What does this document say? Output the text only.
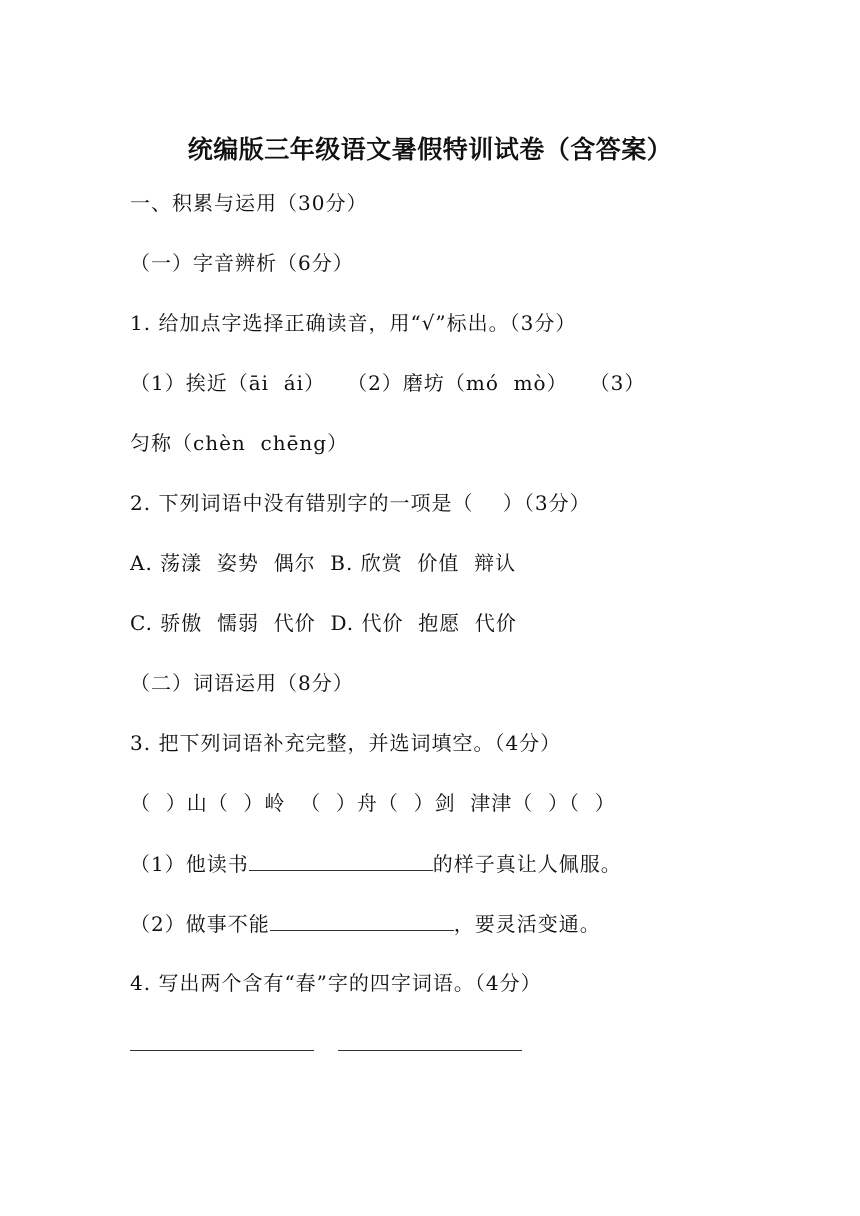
统编版三年级语文暑假特训试卷（含答案）
一、积累与运用（30分）
（一）字音辨析（6分）
1. 给加点字选择正确读音，用“√”标出。（3分）
（1）挨近（āi  ái）   （2）磨坊（mó  mò）   （3）
匀称（chèn  chēng）
2. 下列词语中没有错别字的一项是（    ）（3分）
A. 荡漾  姿势  偶尔  B. 欣赏  价值  辩认
C. 骄傲  懦弱  代价  D. 代价  抱愿  代价
（二）词语运用（8分）
3. 把下列词语补充完整，并选词填空。（4分）
（  ）山（  ）岭  （  ）舟（  ）剑  津津（  ）（  ）
（1）他读书	的样子真让人佩服。
（2）做事不能	，要灵活变通。
4. 写出两个含有“春”字的四字词语。（4分）
